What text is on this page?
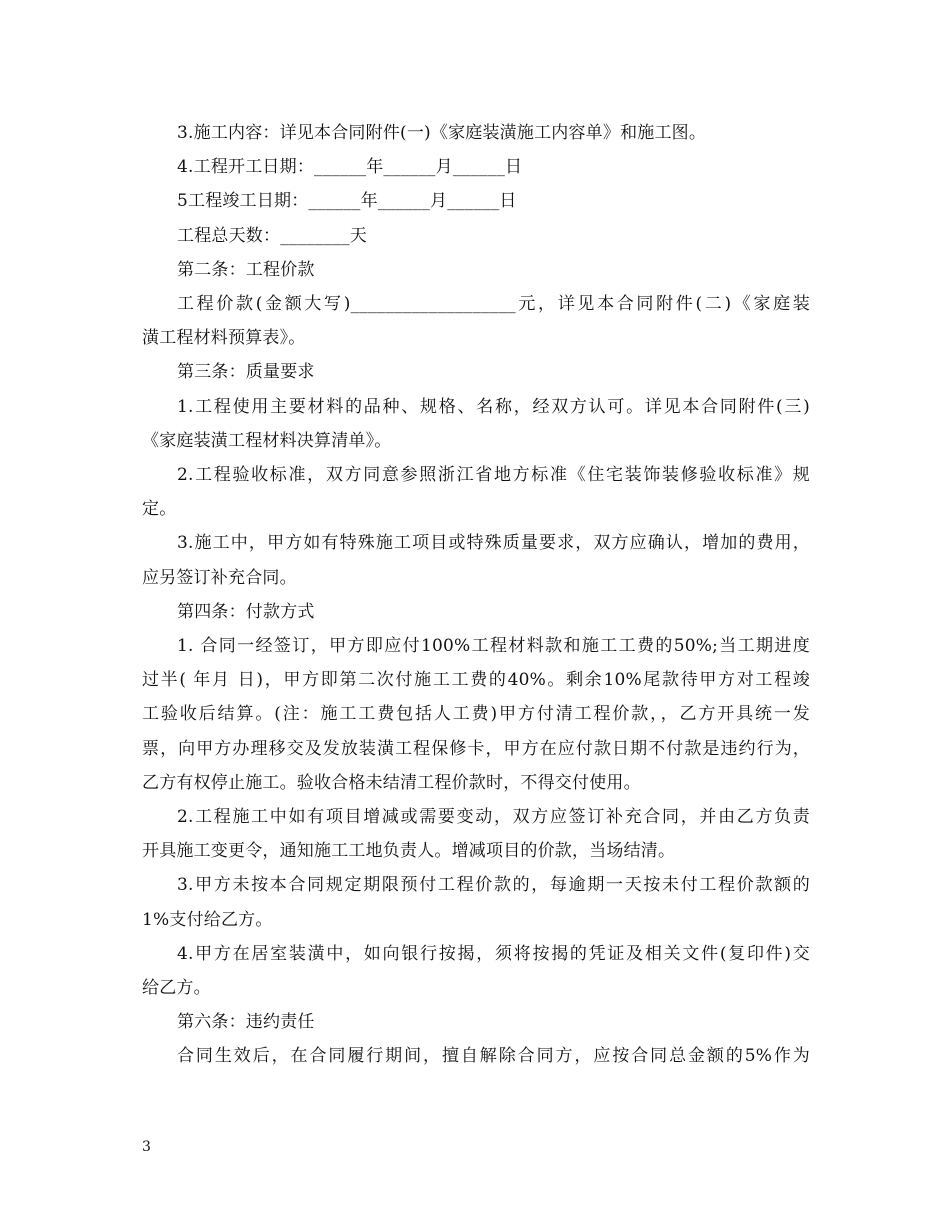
3.施工内容：详见本合同附件(一)《家庭装潢施工内容单》和施工图。
4.工程开工日期：______年______月______日
5工程竣工日期：______年______月______日
工程总天数：________天
第二条：工程价款
工程价款(金额大写)___________________元，详见本合同附件(二)《家庭装
潢工程材料预算表》。
第三条：质量要求
1.工程使用主要材料的品种、规格、名称，经双方认可。详见本合同附件(三)
《家庭装潢工程材料决算清单》。
2.工程验收标准，双方同意参照浙江省地方标准《住宅装饰装修验收标准》规
定。
3.施工中，甲方如有特殊施工项目或特殊质量要求，双方应确认，增加的费用，
应另签订补充合同。
第四条：付款方式
1. 合同一经签订，甲方即应付100%工程材料款和施工工费的50%;当工期进度
过半( 年月 日)，甲方即第二次付施工工费的40%。剩余10%尾款待甲方对工程竣
工验收后结算。(注：施工工费包括人工费)甲方付清工程价款，，乙方开具统一发
票，向甲方办理移交及发放装潢工程保修卡，甲方在应付款日期不付款是违约行为，
乙方有权停止施工。验收合格未结清工程价款时，不得交付使用。
2.工程施工中如有项目增减或需要变动，双方应签订补充合同，并由乙方负责
开具施工变更令，通知施工工地负责人。增减项目的价款，当场结清。
3.甲方未按本合同规定期限预付工程价款的，每逾期一天按未付工程价款额的
1%支付给乙方。
4.甲方在居室装潢中，如向银行按揭，须将按揭的凭证及相关文件(复印件)交
给乙方。
第六条：违约责任
合同生效后，在合同履行期间，擅自解除合同方，应按合同总金额的5%作为
3
